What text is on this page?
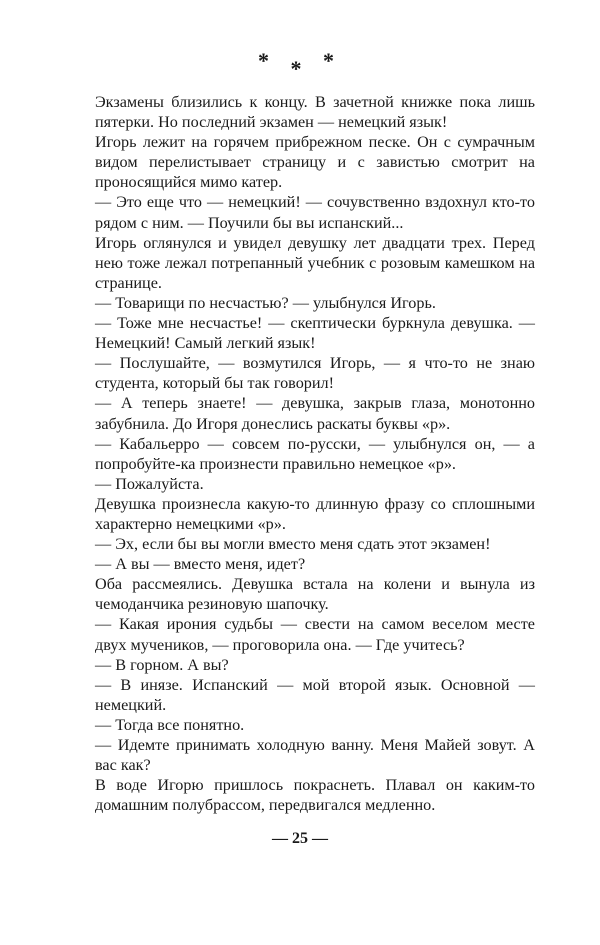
* * *

Экзамены близились к концу. В зачетной книжке пока лишь пятерки. Но последний экзамен — немецкий язык!

Игорь лежит на горячем прибрежном песке. Он с сумрачным видом перелистывает страницу и с завистью смотрит на проносящийся мимо катер.

— Это еще что — немецкий! — сочувственно вздохнул кто-то рядом с ним. — Поучили бы вы испанский...

Игорь оглянулся и увидел девушку лет двадцати трех. Перед нею тоже лежал потрепанный учебник с розовым камешком на странице.

— Товарищи по несчастью? — улыбнулся Игорь.

— Тоже мне несчастье! — скептически буркнула девушка. — Немецкий! Самый легкий язык!

— Послушайте, — возмутился Игорь, — я что-то не знаю студента, который бы так говорил!

— А теперь знаете! — девушка, закрыв глаза, монотонно забубнила. До Игоря донеслись раскаты буквы «р».

— Кабальерро — совсем по-русски, — улыбнулся он, — а попробуйте-ка произнести правильно немецкое «р».

— Пожалуйста.

Девушка произнесла какую-то длинную фразу со сплошными характерно немецкими «р».

— Эх, если бы вы могли вместо меня сдать этот экзамен!

— А вы — вместо меня, идет?

Оба рассмеялись. Девушка встала на колени и вынула из чемоданчика резиновую шапочку.

— Какая ирония судьбы — свести на самом веселом месте двух мучеников, — проговорила она. — Где учитесь?

— В горном. А вы?

— В инязе. Испанский — мой второй язык. Основной — немецкий.

— Тогда все понятно.

— Идемте принимать холодную ванну. Меня Майей зовут. А вас как?

В воде Игорю пришлось покраснеть. Плавал он каким-то домашним полубрассом, передвигался медленно.

— 25 —
